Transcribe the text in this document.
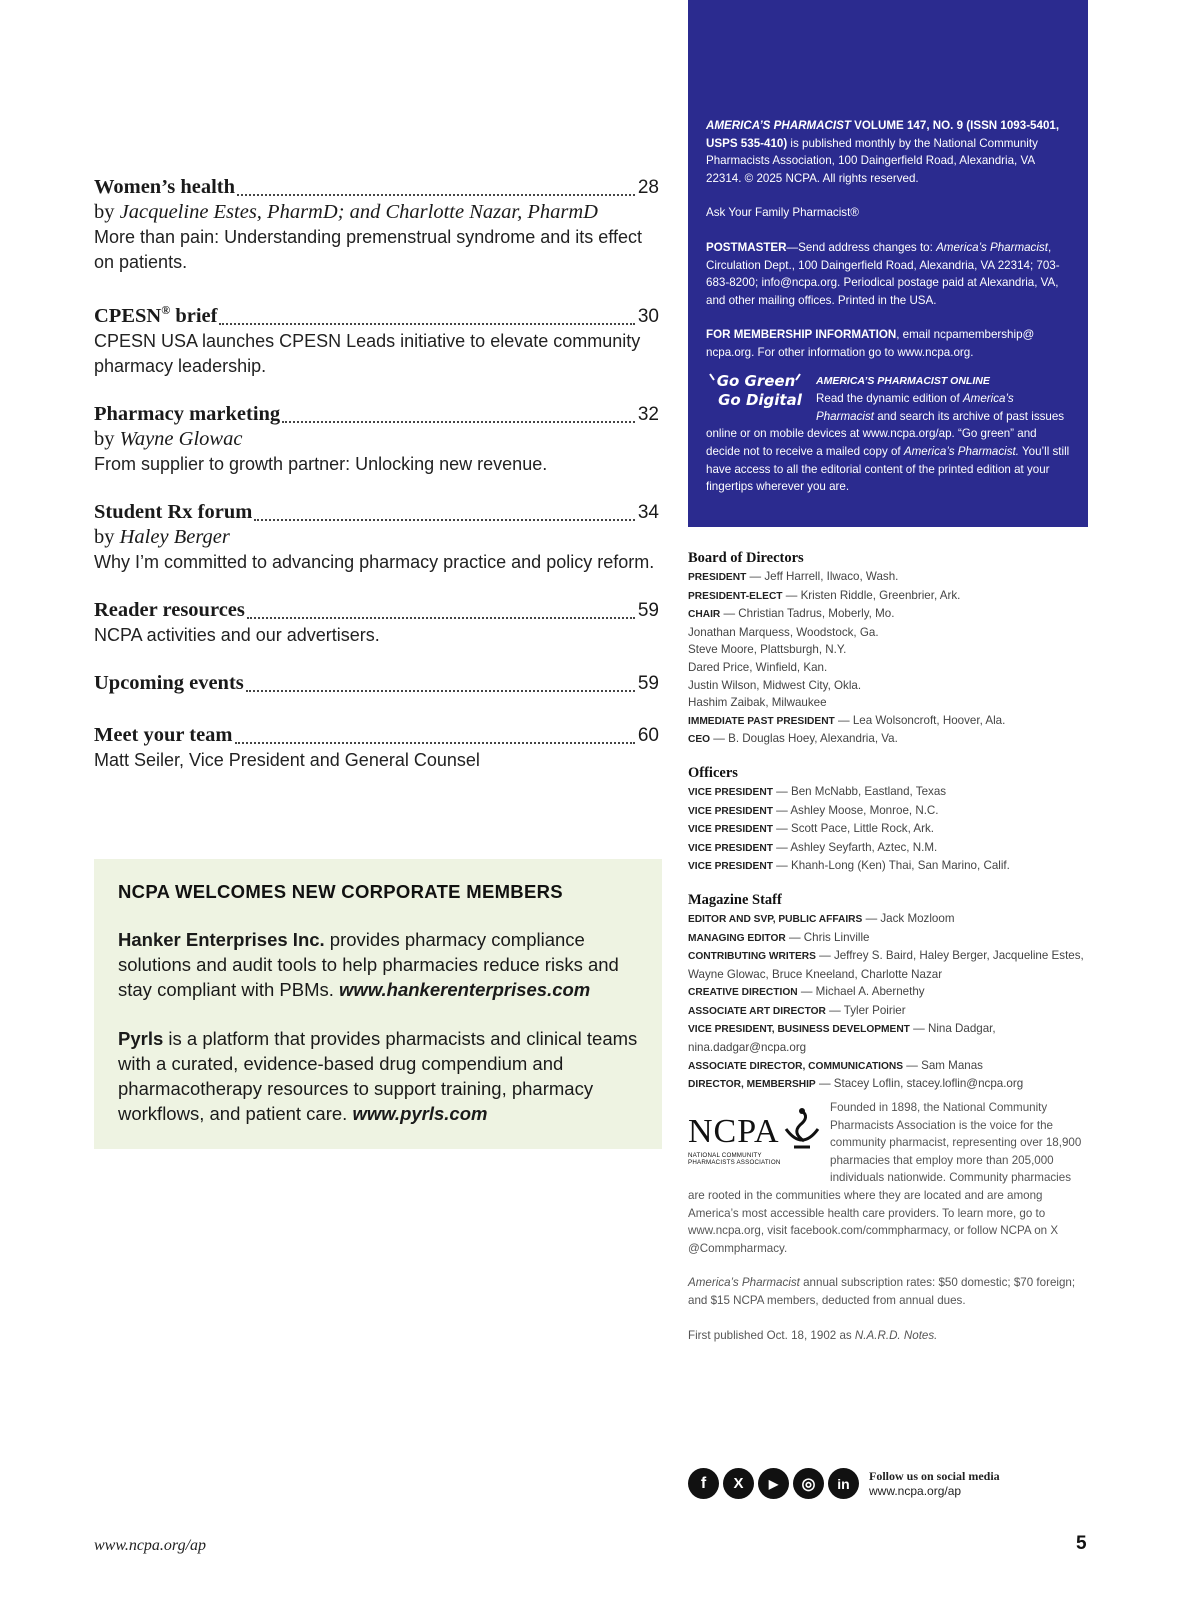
Women’s health	28
by Jacqueline Estes, PharmD; and Charlotte Nazar, PharmD
More than pain: Understanding premenstrual syndrome and its effect on patients.
CPESN® brief	30
CPESN USA launches CPESN Leads initiative to elevate community pharmacy leadership.
Pharmacy marketing	32
by Wayne Glowac
From supplier to growth partner: Unlocking new revenue.
Student Rx forum	34
by Haley Berger
Why I’m committed to advancing pharmacy practice and policy reform.
Reader resources	59
NCPA activities and our advertisers.
Upcoming events	59
Meet your team	60
Matt Seiler, Vice President and General Counsel
NCPA WELCOMES NEW CORPORATE MEMBERS

Hanker Enterprises Inc. provides pharmacy compliance solutions and audit tools to help pharmacies reduce risks and stay compliant with PBMs. www.hankerenterprises.com

Pyrls is a platform that provides pharmacists and clinical teams with a curated, evidence-based drug compendium and pharmacotherapy resources to support training, pharmacy workflows, and patient care. www.pyrls.com

AMERICA’S PHARMACIST VOLUME 147, NO. 9 (ISSN 1093-5401, USPS 535-410) is published monthly by the National Community Pharmacists Association, 100 Daingerfield Road, Alexandria, VA 22314. © 2025 NCPA. All rights reserved.

Ask Your Family Pharmacist®

POSTMASTER—Send address changes to: America’s Pharmacist, Circulation Dept., 100 Daingerfield Road, Alexandria, VA 22314; 703-683-8200; info@ncpa.org. Periodical postage paid at Alexandria, VA, and other mailing offices. Printed in the USA.

FOR MEMBERSHIP INFORMATION, email ncpamembership@ ncpa.org. For other information go to www.ncpa.org.

Go Green
Go Digital
AMERICA’S PHARMACIST ONLINE
Read the dynamic edition of America’s Pharmacist and search its archive of past issues online or on mobile devices at www.ncpa.org/ap. “Go green” and decide not to receive a mailed copy of America’s Pharmacist. You’ll still have access to all the editorial content of the printed edition at your fingertips wherever you are.
Board of Directors
PRESIDENT — Jeff Harrell, Ilwaco, Wash.
PRESIDENT-ELECT — Kristen Riddle, Greenbrier, Ark.
CHAIR — Christian Tadrus, Moberly, Mo.
Jonathan Marquess, Woodstock, Ga.
Steve Moore, Plattsburgh, N.Y.
Dared Price, Winfield, Kan.
Justin Wilson, Midwest City, Okla.
Hashim Zaibak, Milwaukee
IMMEDIATE PAST PRESIDENT — Lea Wolsoncroft, Hoover, Ala.
CEO — B. Douglas Hoey, Alexandria, Va.
Officers
VICE PRESIDENT — Ben McNabb, Eastland, Texas
VICE PRESIDENT — Ashley Moose, Monroe, N.C.
VICE PRESIDENT — Scott Pace, Little Rock, Ark.
VICE PRESIDENT — Ashley Seyfarth, Aztec, N.M.
VICE PRESIDENT — Khanh-Long (Ken) Thai, San Marino, Calif.
Magazine Staff
EDITOR AND SVP, PUBLIC AFFAIRS — Jack Mozloom
MANAGING EDITOR — Chris Linville
CONTRIBUTING WRITERS — Jeffrey S. Baird, Haley Berger, Jacqueline Estes, Wayne Glowac, Bruce Kneeland, Charlotte Nazar
CREATIVE DIRECTION — Michael A. Abernethy
ASSOCIATE ART DIRECTOR — Tyler Poirier
VICE PRESIDENT, BUSINESS DEVELOPMENT — Nina Dadgar, nina.dadgar@ncpa.org
ASSOCIATE DIRECTOR, COMMUNICATIONS — Sam Manas
DIRECTOR, MEMBERSHIP — Stacey Loflin, stacey.loflin@ncpa.org
NCPA
NATIONAL COMMUNITY PHARMACISTS ASSOCIATION

Founded in 1898, the National Community Pharmacists Association is the voice for the community pharmacist, representing over 18,900 pharmacies that employ more than 205,000 individuals nationwide. Community pharmacies are rooted in the communities where they are located and are among America’s most accessible health care providers. To learn more, go to www.ncpa.org, visit facebook.com/commpharmacy, or follow NCPA on X @Commpharmacy.

America’s Pharmacist annual subscription rates: $50 domestic; $70 foreign; and $15 NCPA members, deducted from annual dues.

First published Oct. 18, 1902 as N.A.R.D. Notes.

f	X	▶	◎	in	Follow us on social media
www.ncpa.org/ap
www.ncpa.org/ap	5
